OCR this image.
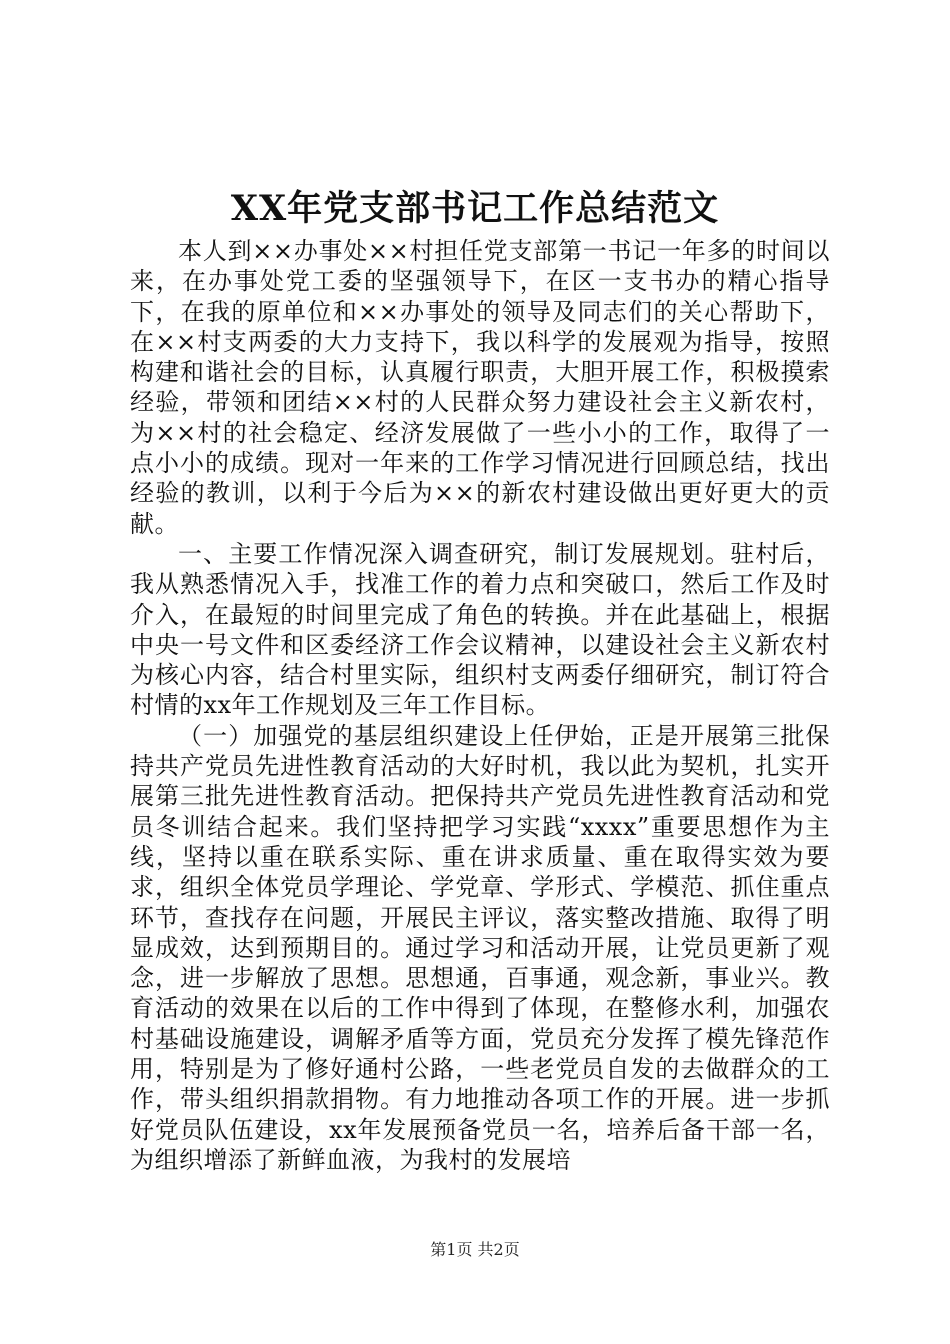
XX年党支部书记工作总结范文

本人到××办事处××村担任党支部第一书记一年多的时间以来，在办事处党工委的坚强领导下，在区一支书办的精心指导下，在我的原单位和××办事处的领导及同志们的关心帮助下，在××村支两委的大力支持下，我以科学的发展观为指导，按照构建和谐社会的目标，认真履行职责，大胆开展工作，积极摸索经验，带领和团结××村的人民群众努力建设社会主义新农村，为××村的社会稳定、经济发展做了一些小小的工作，取得了一点小小的成绩。现对一年来的工作学习情况进行回顾总结，找出经验的教训，以利于今后为××的新农村建设做出更好更大的贡献。

一、主要工作情况深入调查研究，制订发展规划。驻村后，我从熟悉情况入手，找准工作的着力点和突破口，然后工作及时介入，在最短的时间里完成了角色的转换。并在此基础上，根据中央一号文件和区委经济工作会议精神，以建设社会主义新农村为核心内容，结合村里实际，组织村支两委仔细研究，制订符合村情的xx年工作规划及三年工作目标。

（一）加强党的基层组织建设上任伊始，正是开展第三批保持共产党员先进性教育活动的大好时机，我以此为契机，扎实开展第三批先进性教育活动。把保持共产党员先进性教育活动和党员冬训结合起来。我们坚持把学习实践“xxxx”重要思想作为主线，坚持以重在联系实际、重在讲求质量、重在取得实效为要求，组织全体党员学理论、学党章、学形式、学模范、抓住重点环节，查找存在问题，开展民主评议，落实整改措施、取得了明显成效，达到预期目的。通过学习和活动开展，让党员更新了观念，进一步解放了思想。思想通，百事通，观念新，事业兴。教育活动的效果在以后的工作中得到了体现，在整修水利，加强农村基础设施建设，调解矛盾等方面，党员充分发挥了模先锋范作用，特别是为了修好通村公路，一些老党员自发的去做群众的工作，带头组织捐款捐物。有力地推动各项工作的开展。进一步抓好党员队伍建设，xx年发展预备党员一名，培养后备干部一名，为组织增添了新鲜血液，为我村的发展培

第1页 共2页
